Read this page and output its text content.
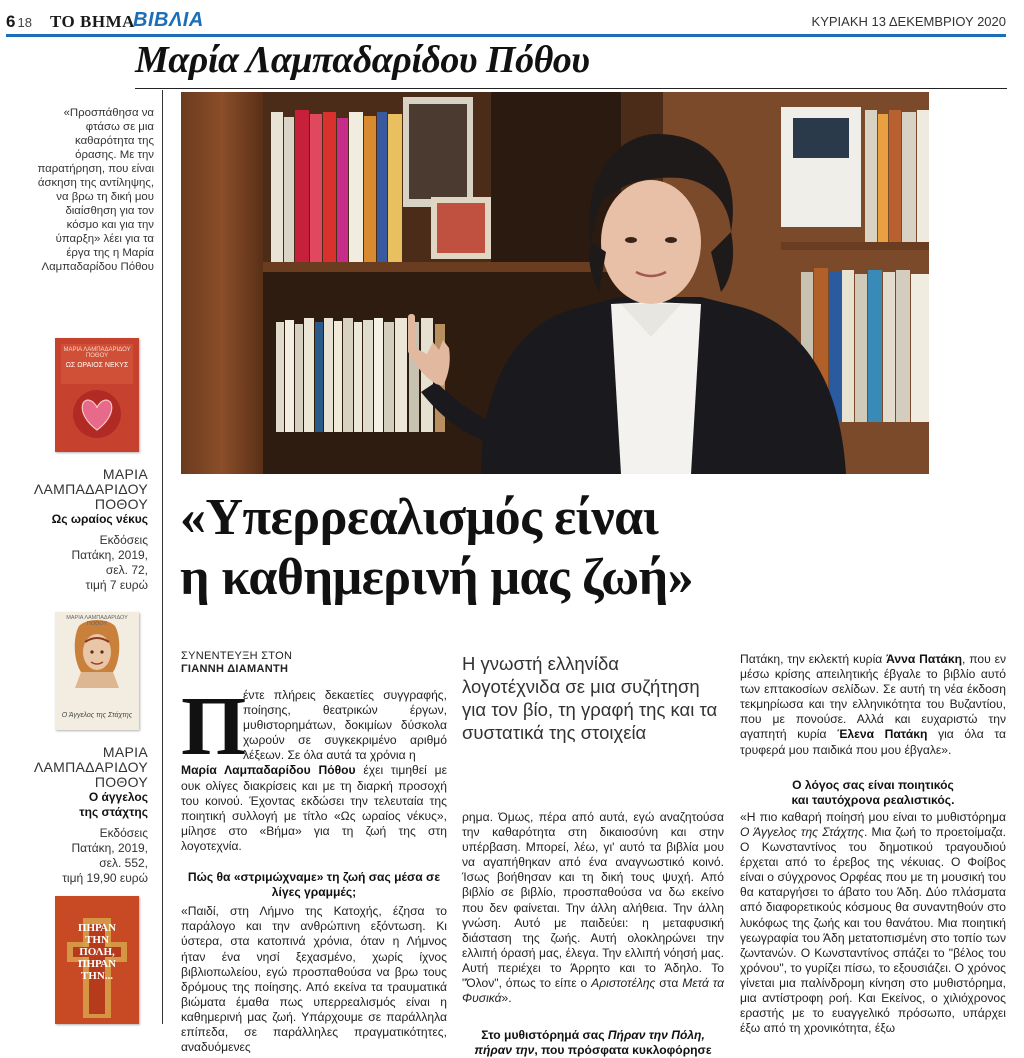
6 18 ΤΟ ΒΗΜΑ
ΒΙΒΛΙΑ	ΚΥΡΙΑΚΗ 13 ΔΕΚΕΜΒΡΙΟΥ 2020
Μαρία Λαμπαδαρίδου Πόθου
«Προσπάθησα να φτάσω σε μια καθαρότητα της όρασης. Με την παρατήρηση, που είναι άσκηση της αντίληψης, να βρω τη δική μου διαίσθηση για τον κόσμο και για την ύπαρξη» λέει για τα έργα της η Μαρία Λαμπαδαρίδου Πόθου
ΜΑΡΙΑ ΛΑΜΠΑΔΑΡΙΔΟΥ ΠΟΘΟΥ
ΩΣ ΩΡΑΙΟΣ ΝΕΚΥΣ
ΜΑΡΙΑ
ΛΑΜΠΑΔΑΡΙΔΟΥ
ΠΟΘΟΥ
Ως ωραίος νέκυς
Εκδόσεις
Πατάκη, 2019,
σελ. 72,
τιμή 7 ευρώ
ΜΑΡΙΑ ΛΑΜΠΑΔΑΡΙΔΟΥ ΠΟΘΟΥ
Ο Άγγελος της Στάχτης
ΜΑΡΙΑ
ΛΑΜΠΑΔΑΡΙΔΟΥ
ΠΟΘΟΥ
Ο άγγελος
της στάχτης
Εκδόσεις
Πατάκη, 2019,
σελ. 552,
τιμή 19,90 ευρώ
ΠΗΡΑΝ
ΤΗΝ
ΠΟΛΗ,
ΠΗΡΑΝ
ΤΗΝ...
«Υπερρεαλισμός είναι
η καθημερινή μας ζωή»
ΣΥΝΕΝΤΕΥΞΗ ΣΤΟΝ
ΓΙΑΝΝΗ ΔΙΑΜΑΝΤΗ
Π
έντε πλήρεις δεκαετίες συγγραφής, ποίησης, θεατρικών έργων, μυθιστορημάτων, δοκιμίων δύσκολα χωρούν σε συγκεκριμένο αριθμό λέξεων. Σε όλα αυτά τα χρόνια η
Μαρία Λαμπαδαρίδου Πόθου έχει τιμηθεί με ουκ ολίγες διακρίσεις και με τη διαρκή προσοχή του κοινού. Έχοντας εκδώσει την τελευταία της ποιητική συλλογή με τίτλο «Ως ωραίος νέκυς», μίλησε στο «Βήμα» για τη ζωή της στη λογοτεχνία.
Πώς θα «στριμώχναμε» τη ζωή σας μέσα σε λίγες γραμμές;
«Παιδί, στη Λήμνο της Κατοχής, έζησα το παράλογο και την ανθρώπινη εξόντωση. Κι ύστερα, στα κατοπινά χρόνια, όταν η Λήμνος ήταν ένα νησί ξεχασμένο, χωρίς ίχνος βιβλιοπωλείου, εγώ προσπαθούσα να βρω τους δρόμους της ποίησης. Από εκείνα τα τραυματικά βιώματα έμαθα πως υπερρεαλισμός είναι η καθημερινή μας ζωή. Υπάρχουμε σε παράλληλα επίπεδα, σε παράλληλες πραγματικότητες, αναδυόμενες
Η γνωστή ελληνίδα λογοτέχνιδα σε μια συζήτηση για τον βίο, τη γραφή της και τα συστατικά της στοιχεία
ρημα. Όμως, πέρα από αυτά, εγώ αναζητούσα την καθαρότητα στη δικαιοσύνη και στην υπέρβαση. Μπορεί, λέω, γι' αυτό τα βιβλία μου να αγαπήθηκαν από ένα αναγνωστικό κοινό. Ίσως βοήθησαν και τη δική τους ψυχή. Από βιβλίο σε βιβλίο, προσπαθούσα να δω εκείνο που δεν φαίνεται. Την άλλη αλήθεια. Την άλλη γνώση. Αυτό με παιδεύει: η μεταφυσική διάσταση της ζωής. Αυτή ολοκληρώνει την ελλιπή όρασή μας, έλεγα. Την ελλιπή νόησή μας. Αυτή περιέχει το Άρρητο και το Άδηλο. Το "Όλον", όπως το είπε ο Αριστοτέλης στα Μετά τα Φυσικά».
Στο μυθιστόρημά σας Πήραν την Πόλη, πήραν την, που πρόσφατα κυκλοφόρησε
Πατάκη, την εκλεκτή κυρία Άννα Πατάκη, που εν μέσω κρίσης απειλητικής έβγαλε το βιβλίο αυτό των επτακοσίων σελίδων. Σε αυτή τη νέα έκδοση τεκμηρίωσα και την ελληνικότητα του Βυζαντίου, που με πονούσε. Αλλά και ευχαριστώ την αγαπητή κυρία Έλενα Πατάκη για όλα τα τρυφερά μου παιδικά που μου έβγαλε».
Ο λόγος σας είναι ποιητικός
και ταυτόχρονα ρεαλιστικός.
«Η πιο καθαρή ποίησή μου είναι το μυθιστόρημα Ο Άγγελος της Στάχτης. Μια ζωή το προετοίμαζα. Ο Κωνσταντίνος του δημοτικού τραγουδιού έρχεται από το έρεβος της νέκυιας. Ο Φοίβος είναι ο σύγχρονος Ορφέας που με τη μουσική του θα καταργήσει το άβατο του Άδη. Δύο πλάσματα από διαφορετικούς κόσμους θα συναντηθούν στο λυκόφως της ζωής και του θανάτου. Μια ποιητική γεωγραφία του Άδη μετατοπισμένη στο τοπίο των ζωντανών. Ο Κωνσταντίνος σπάζει το "βέλος του χρόνου", το γυρίζει πίσω, το εξουσιάζει. Ο χρόνος γίνεται μια παλίνδρομη κίνηση στο μυθιστόρημα, μια αντίστροφη ροή. Και Εκείνος, ο χιλιόχρονος εραστής με το ευαγγελικό πρόσωπο, υπάρχει έξω από τη χρονικότητα, έξω
